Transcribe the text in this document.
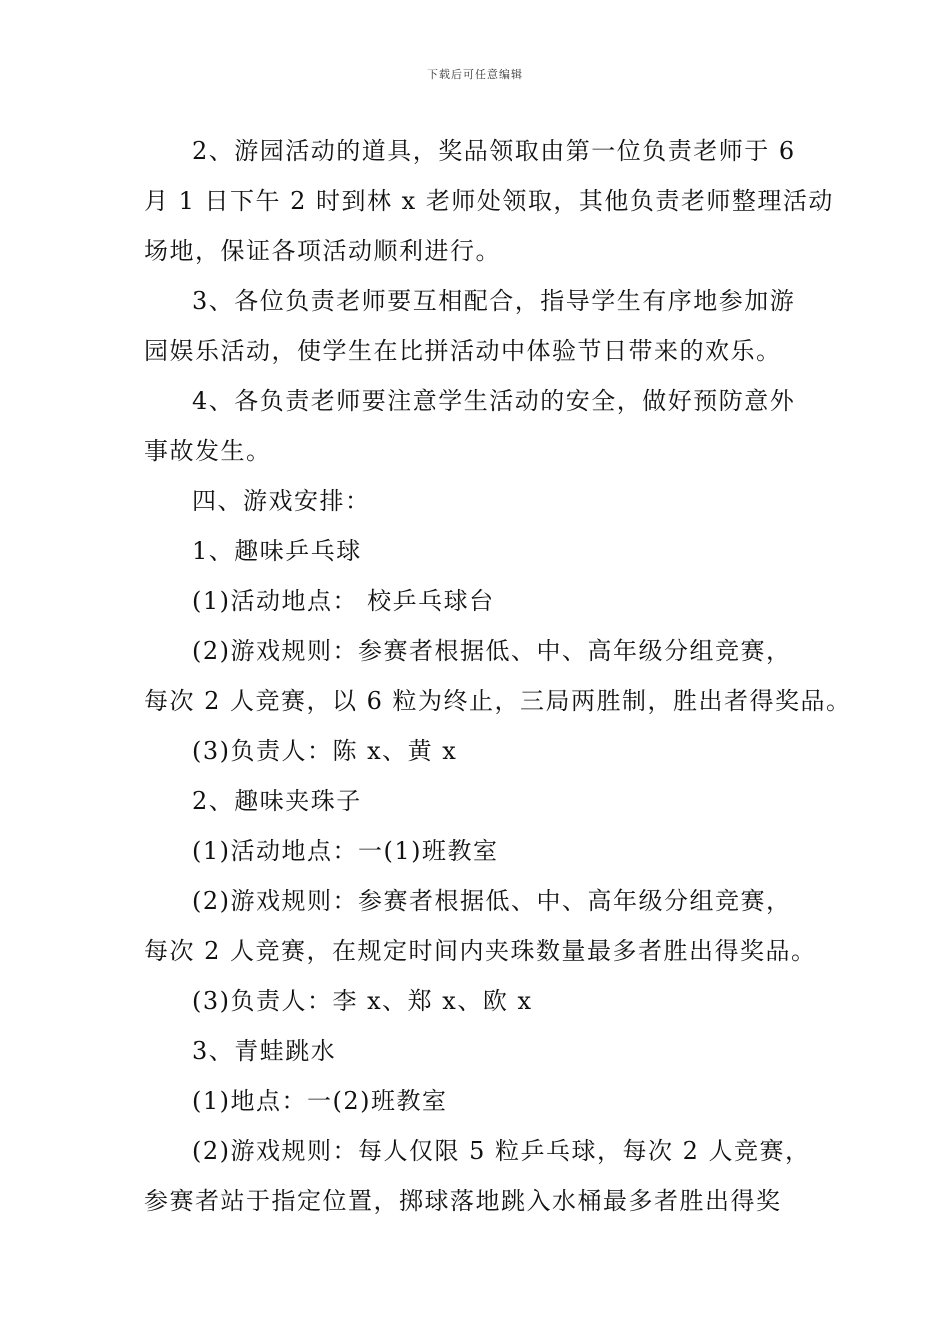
下载后可任意编辑
2、游园活动的道具，奖品领取由第一位负责老师于 6
月 1 日下午 2 时到林 x 老师处领取，其他负责老师整理活动
场地，保证各项活动顺利进行。
3、各位负责老师要互相配合，指导学生有序地参加游
园娱乐活动，使学生在比拼活动中体验节日带来的欢乐。
4、各负责老师要注意学生活动的安全，做好预防意外
事故发生。
四、游戏安排：
1、趣味乒乓球
(1)活动地点： 校乒乓球台
(2)游戏规则：参赛者根据低、中、高年级分组竞赛，
每次 2 人竞赛，以 6 粒为终止，三局两胜制，胜出者得奖品。
(3)负责人：陈 x、黄 x
2、趣味夹珠子
(1)活动地点：一(1)班教室
(2)游戏规则：参赛者根据低、中、高年级分组竞赛，
每次 2 人竞赛，在规定时间内夹珠数量最多者胜出得奖品。
(3)负责人：李 x、郑 x、欧 x
3、青蛙跳水
(1)地点：一(2)班教室
(2)游戏规则：每人仅限 5 粒乒乓球，每次 2 人竞赛，
参赛者站于指定位置，掷球落地跳入水桶最多者胜出得奖
